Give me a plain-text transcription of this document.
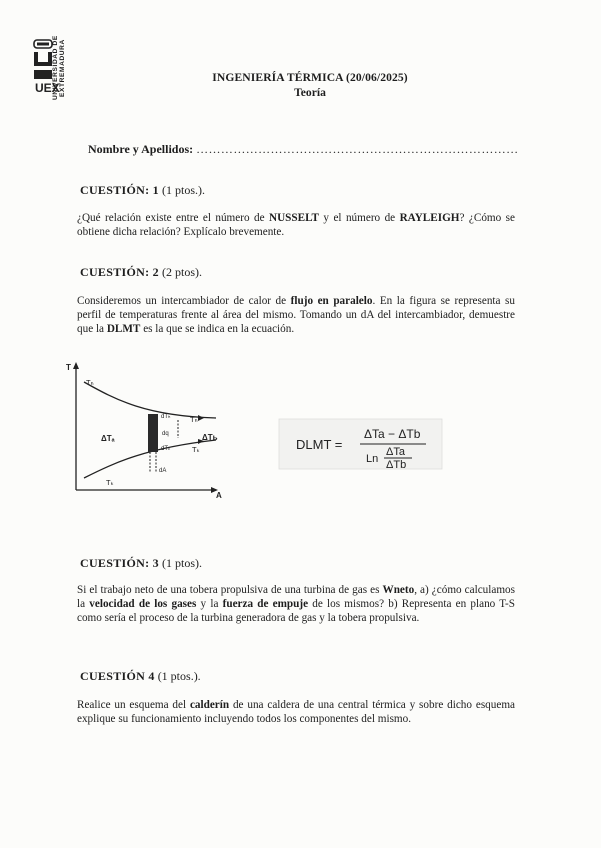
UEX
UNIVERSIDAD DE EXTREMADURA	INGENIERÍA TÉRMICA (20/06/2025)
Teoría
Nombre y Apellidos: ……………………………………………………………………
CUESTIÓN: 1 (1 ptos.).

¿Qué relación existe entre el número de NUSSELT y el número de RAYLEIGH? ¿Cómo se obtiene dicha relación? Explícalo brevemente.

CUESTIÓN: 2 (2 ptos).

Consideremos un intercambiador de calor de flujo en paralelo. En la figura se representa su perfil de temperaturas frente al área del mismo. Tomando un dA del intercambiador, demuestre que la DLMT es la que se indica en la ecuación.

T
A
Tₕ
Tₖ
Tₕ
Tₖ
ΔTₐ	ΔTь
dTₕ
dTₖ
dq
dA
DLMT =
ΔTa − ΔTb
Ln
ΔTa
ΔTb
CUESTIÓN: 3 (1 ptos).

Si el trabajo neto de una tobera propulsiva de una turbina de gas es Wneto, a) ¿cómo calculamos la velocidad de los gases y la fuerza de empuje de los mismos? b) Representa en plano T-S como sería el proceso de la turbina generadora de gas y la tobera propulsiva.

CUESTIÓN 4 (1 ptos.).

Realice un esquema del calderín de una caldera de una central térmica y sobre dicho esquema explique su funcionamiento incluyendo todos los componentes del mismo.
